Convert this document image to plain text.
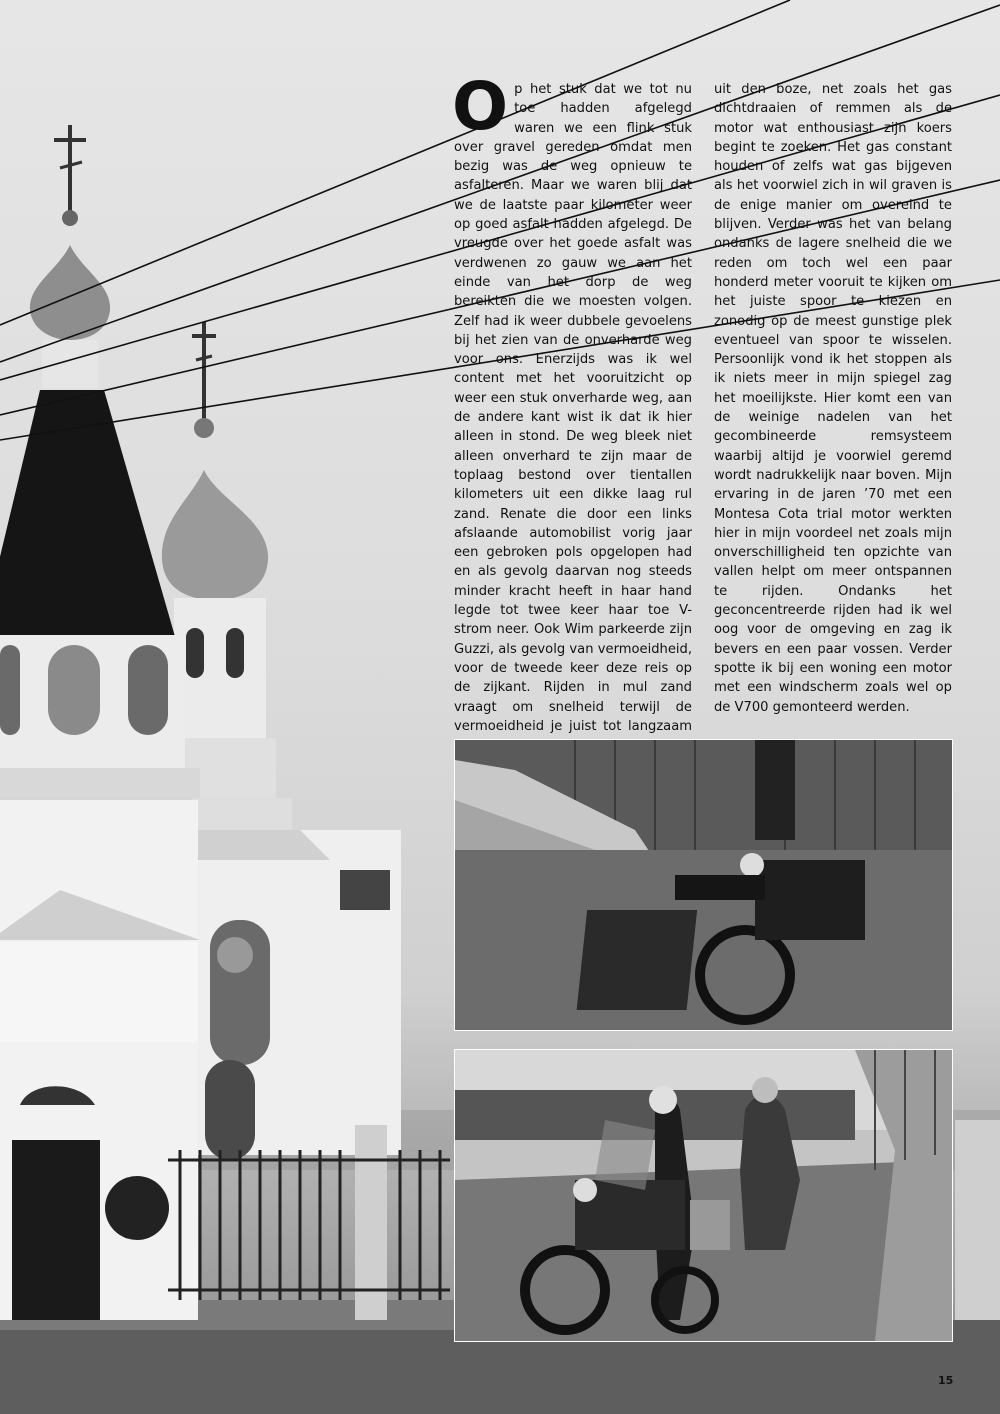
Op het stuk dat we tot nu toe hadden afgelegd waren we een flink stuk over gravel gereden omdat men bezig was de weg opnieuw te asfalteren. Maar we waren blij dat we de laatste paar kilometer weer op goed asfalt hadden afgelegd. De vreugde over het goede asfalt was verdwenen zo gauw we aan het einde van het dorp de weg bereikten die we moesten volgen. Zelf had ik weer dubbele gevoelens bij het zien van de onverharde weg voor ons. Enerzijds was ik wel content met het vooruitzicht op weer een stuk onverharde weg, aan de andere kant wist ik dat ik hier alleen in stond. De weg bleek niet alleen onverhard te zijn maar de toplaag bestond over tientallen kilometers uit een dikke laag rul zand. Renate die door een links afslaande automobilist vorig jaar een gebroken pols opgelopen had en als gevolg daarvan nog steeds minder kracht heeft in haar hand legde tot twee keer haar toe V-strom neer. Ook Wim parkeerde zijn Guzzi, als gevolg van vermoeidheid, voor de tweede keer deze reis op de zijkant. Rijden in mul zand vraagt om snelheid terwijl de vermoeidheid je juist tot langzaam

uit den boze, net zoals het gas dichtdraaien of remmen als de motor wat enthousiast zijn koers begint te zoeken. Het gas constant houden of zelfs wat gas bijgeven als het voorwiel zich in wil graven is de enige manier om overeind te blijven. Verder was het van belang ondanks de lagere snelheid die we reden om toch wel een paar honderd meter vooruit te kijken om het juiste spoor te kiezen en zonodig op de meest gunstige plek eventueel van spoor te wisselen. Persoonlijk vond ik het stoppen als ik niets meer in mijn spiegel zag het moeilijkste. Hier komt een van de weinige nadelen van het gecombineerde remsysteem waarbij altijd je voorwiel geremd wordt nadrukkelijk naar boven. Mijn ervaring in de jaren ’70 met een Montesa Cota trial motor werkten hier in mijn voordeel net zoals mijn onverschilligheid ten opzichte van vallen helpt om meer ontspannen te rijden. Ondanks het geconcentreerde rijden had ik wel oog voor de omgeving en zag ik bevers en een paar vossen. Verder spotte ik bij een woning een motor met een windscherm zoals wel op de V700 gemonteerd werden.

15
